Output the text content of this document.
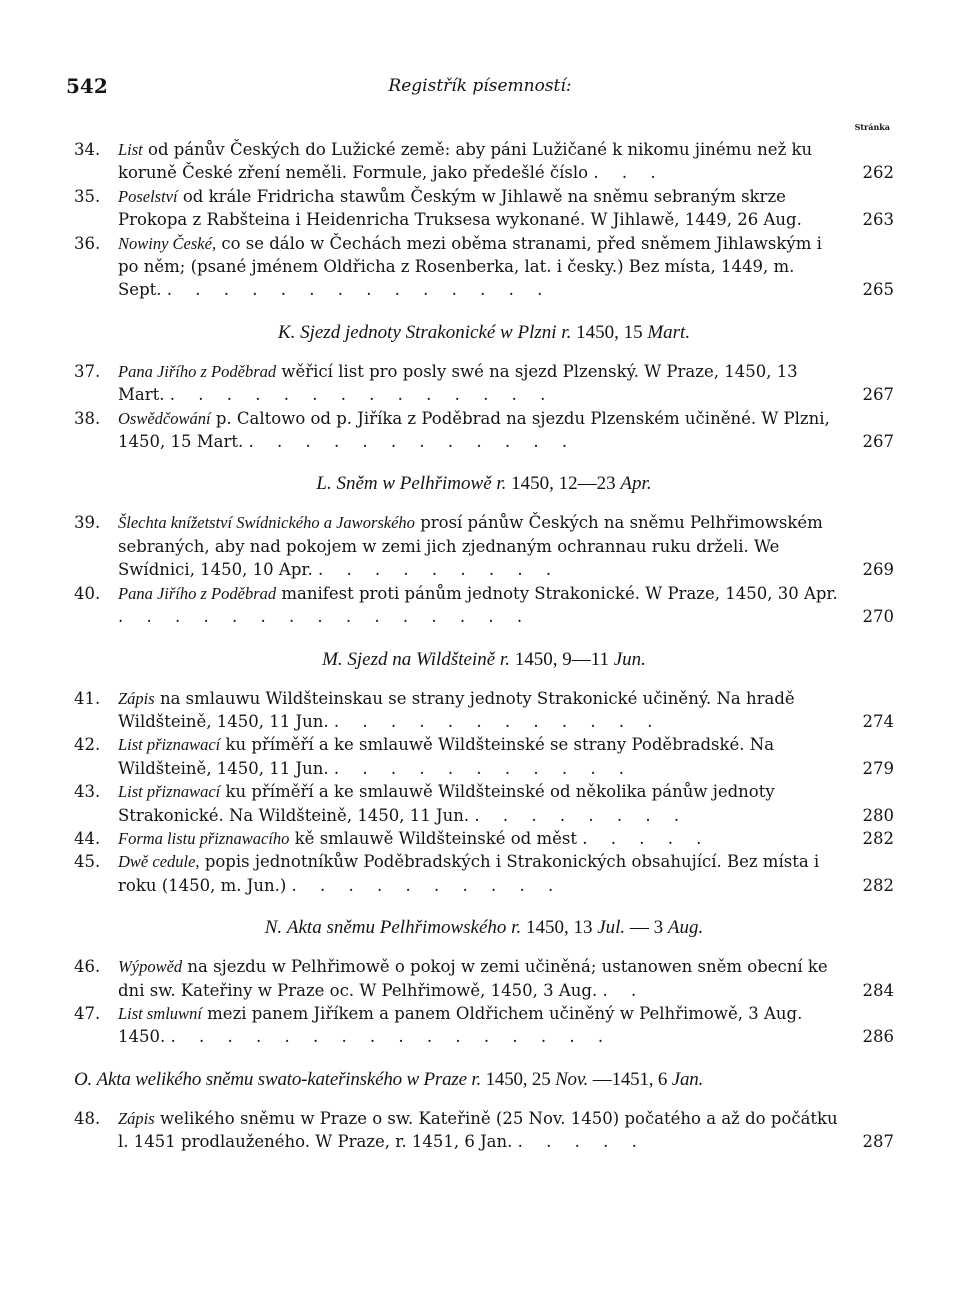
542	Registřík písemností:
Stránka
34.	List od pánův Českých do Lužické země: aby páni Lužičané k nikomu jinému než ku koruně České zření neměli. Formule, jako předešlé číslo . . .	262
35.	Poselství od krále Fridricha stawům Českým w Jihlawě na sněmu sebraným skrze Prokopa z Rabšteina i Heidenricha Truksesa wykonané. W Jihlawě, 1449, 26 Aug.	263
36.	Nowiny České, co se dálo w Čechách mezi oběma stranami, před sněmem Jihlawským i po něm; (psané jménem Oldřicha z Rosenberka, lat. i česky.) Bez místa, 1449, m. Sept. . . . . . . . . . . . . . .	265
K. Sjezd jednoty Strakonické w Plzni r. 1450, 15 Mart.
37.	Pana Jiřího z Poděbrad wěřicí list pro posly swé na sjezd Plzenský. W Praze, 1450, 13 Mart. . . . . . . . . . . . . . .	267
38.	Oswědčowání p. Caltowo od p. Jiříka z Poděbrad na sjezdu Plzenském učiněné. W Plzni, 1450, 15 Mart. . . . . . . . . . . . .	267
L. Sněm w Pelhřimowě r. 1450, 12—23 Apr.
39.	Šlechta knížetství Swídnického a Jaworského prosí pánůw Českých na sněmu Pelhřimowském sebraných, aby nad pokojem w zemi jich zjednaným ochrannau ruku drželi. We Swídnici, 1450, 10 Apr. . . . . . . . . .	269
40.	Pana Jiřího z Poděbrad manifest proti pánům jednoty Strakonické. W Praze, 1450, 30 Apr. . . . . . . . . . . . . . . .	270
M. Sjezd na Wildšteině r. 1450, 9—11 Jun.
41.	Zápis na smlauwu Wildšteinskau se strany jednoty Strakonické učiněný. Na hradě Wildšteině, 1450, 11 Jun. . . . . . . . . . . . .	274
42.	List přiznawací ku příměří a ke smlauwě Wildšteinské se strany Poděbradské. Na Wildšteině, 1450, 11 Jun. . . . . . . . . . . .	279
43.	List přiznawací ku příměří a ke smlauwě Wildšteinské od několika pánůw jednoty Strakonické. Na Wildšteině, 1450, 11 Jun. . . . . . . . .	280
44.	Forma listu přiznawacího kě smlauwě Wildšteinské od měst . . . . .	282
45.	Dwě cedule, popis jednotníkůw Poděbradských i Strakonických obsahující. Bez místa i roku (1450, m. Jun.) . . . . . . . . . .	282
N. Akta sněmu Pelhřimowského r. 1450, 13 Jul. — 3 Aug.
46.	Wýpowěd na sjezdu w Pelhřimowě o pokoj w zemi učiněná; ustanowen sněm obecní ke dni sw. Kateřiny w Praze oc. W Pelhřimowě, 1450, 3 Aug. . .	284
47.	List smluwní mezi panem Jiříkem a panem Oldřichem učiněný w Pelhřimowě, 3 Aug. 1450. . . . . . . . . . . . . . . . .	286
O. Akta welikého sněmu swato-kateřinského w Praze r. 1450, 25 Nov. —1451, 6 Jan.
48.	Zápis welikého sněmu w Praze o sw. Kateřině (25 Nov. 1450) počatého a až do počátku l. 1451 prodlauženého. W Praze, r. 1451, 6 Jan. . . . . .	287
